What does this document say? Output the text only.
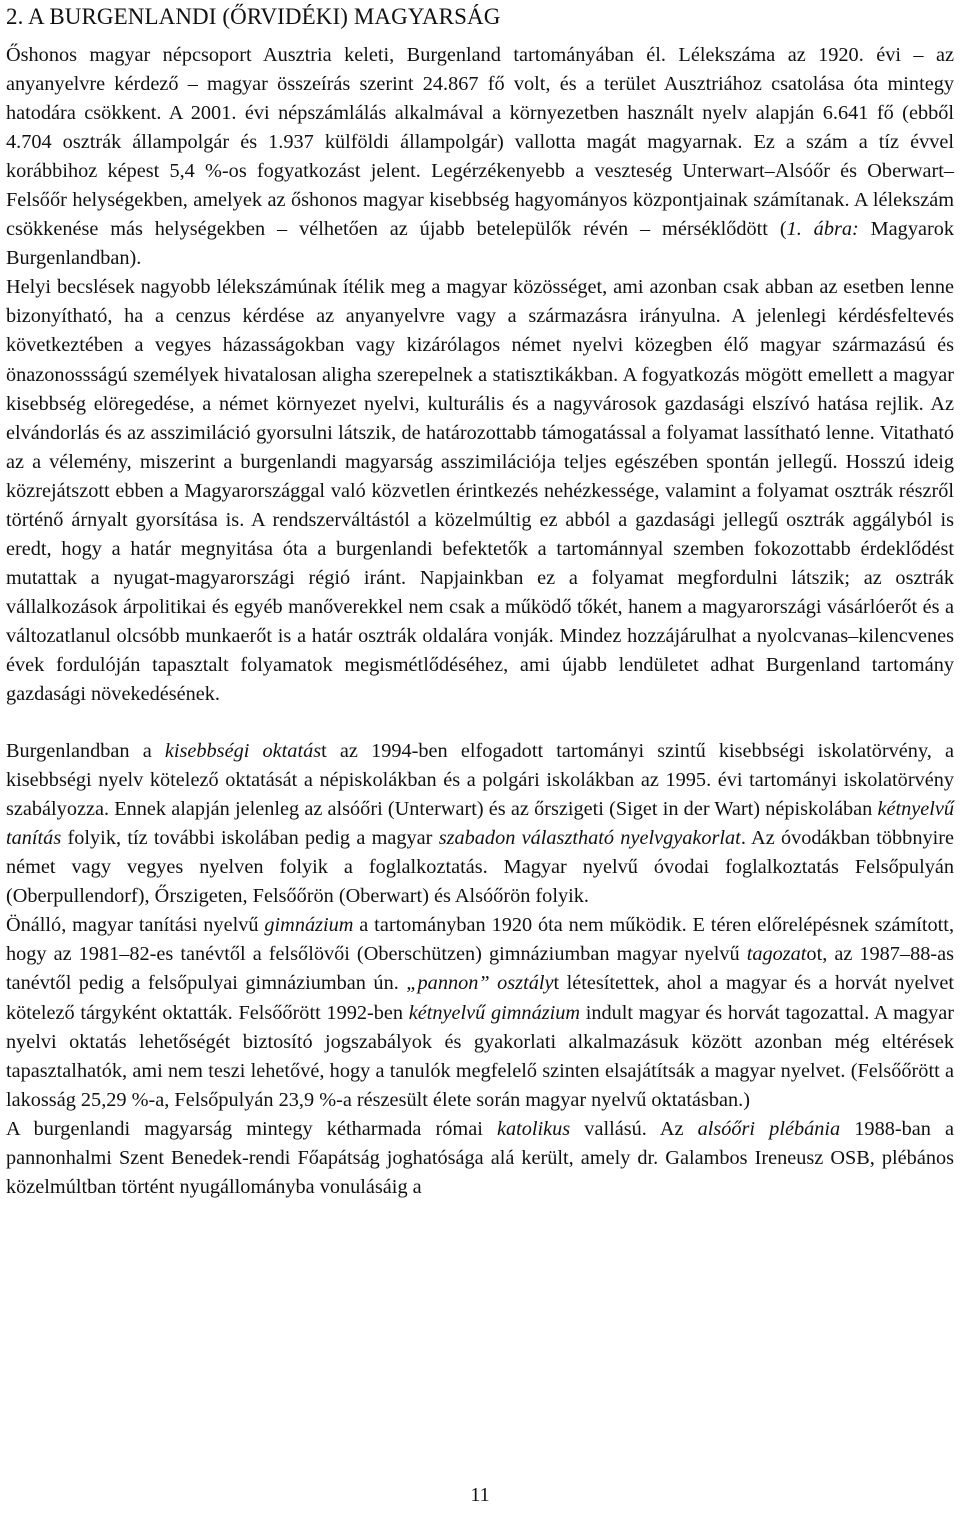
2. A BURGENLANDI (ŐRVIDÉKI) MAGYARSÁG

Őshonos magyar népcsoport Ausztria keleti, Burgenland tartományában él. Lélekszáma az 1920. évi – az anyanyelvre kérdező – magyar összeírás szerint 24.867 fő volt, és a terület Ausztriához csatolása óta mintegy hatodára csökkent. A 2001. évi népszámlálás alkalmával a környezetben használt nyelv alapján 6.641 fő (ebből 4.704 osztrák állampolgár és 1.937 külföldi állampolgár) vallotta magát magyarnak. Ez a szám a tíz évvel korábbihoz képest 5,4 %-os fogyatkozást jelent. Legérzékenyebb a veszteség Unterwart–Alsóőr és Oberwart–Felsőőr helységekben, amelyek az őshonos magyar kisebbség hagyományos központjainak számítanak. A lélekszám csökkenése más helységekben – vélhetően az újabb betelepülők révén – mérséklődött (1. ábra: Magyarok Burgenlandban).

Helyi becslések nagyobb lélekszámúnak ítélik meg a magyar közösséget, ami azonban csak abban az esetben lenne bizonyítható, ha a cenzus kérdése az anyanyelvre vagy a származásra irányulna. A jelenlegi kérdésfeltevés következtében a vegyes házasságokban vagy kizárólagos német nyelvi közegben élő magyar származású és önazonossságú személyek hivatalosan aligha szerepelnek a statisztikákban. A fogyatkozás mögött emellett a magyar kisebbség elöregedése, a német környezet nyelvi, kulturális és a nagyvárosok gazdasági elszívó hatása rejlik. Az elvándorlás és az asszimiláció gyorsulni látszik, de határozottabb támogatással a folyamat lassítható lenne. Vitatható az a vélemény, miszerint a burgenlandi magyarság asszimilációja teljes egészében spontán jellegű. Hosszú ideig közrejátszott ebben a Magyarországgal való közvetlen érintkezés nehézkessége, valamint a folyamat osztrák részről történő árnyalt gyorsítása is. A rendszerváltástól a közelmúltig ez abból a gazdasági jellegű osztrák aggályból is eredt, hogy a határ megnyitása óta a burgenlandi befektetők a tartománnyal szemben fokozottabb érdeklődést mutattak a nyugat-magyarországi régió iránt. Napjainkban ez a folyamat megfordulni látszik; az osztrák vállalkozások árpolitikai és egyéb manőverekkel nem csak a működő tőkét, hanem a magyarországi vásárlóerőt és a változatlanul olcsóbb munkaerőt is a határ osztrák oldalára vonják. Mindez hozzájárulhat a nyolcvanas–kilencvenes évek fordulóján tapasztalt folyamatok megismétlődéséhez, ami újabb lendületet adhat Burgenland tartomány gazdasági növekedésének.

Burgenlandban a kisebbségi oktatást az 1994-ben elfogadott tartományi szintű kisebbségi iskolatörvény, a kisebbségi nyelv kötelező oktatását a népiskolákban és a polgári iskolákban az 1995. évi tartományi iskolatörvény szabályozza. Ennek alapján jelenleg az alsóőri (Unterwart) és az őrszigeti (Siget in der Wart) népiskolában kétnyelvű tanítás folyik, tíz további iskolában pedig a magyar szabadon választható nyelvgyakorlat. Az óvodákban többnyire német vagy vegyes nyelven folyik a foglalkoztatás. Magyar nyelvű óvodai foglalkoztatás Felsőpulyán (Oberpullendorf), Őrszigeten, Felsőőrön (Oberwart) és Alsóőrön folyik.

Önálló, magyar tanítási nyelvű gimnázium a tartományban 1920 óta nem működik. E téren előrelépésnek számított, hogy az 1981–82-es tanévtől a felsőlövői (Oberschützen) gimnáziumban magyar nyelvű tagozatot, az 1987–88-as tanévtől pedig a felsőpulyai gimnáziumban ún. „pannon” osztályt létesítettek, ahol a magyar és a horvát nyelvet kötelező tárgyként oktatták. Felsőőrött 1992-ben kétnyelvű gimnázium indult magyar és horvát tagozattal. A magyar nyelvi oktatás lehetőségét biztosító jogszabályok és gyakorlati alkalmazásuk között azonban még eltérések tapasztalhatók, ami nem teszi lehetővé, hogy a tanulók megfelelő szinten elsajátítsák a magyar nyelvet. (Felsőőrött a lakosság 25,29 %-a, Felsőpulyán 23,9 %-a részesült élete során magyar nyelvű oktatásban.)

A burgenlandi magyarság mintegy kétharmada római katolikus vallású. Az alsóőri plébánia 1988-ban a pannonhalmi Szent Benedek-rendi Főapátság joghatósága alá került, amely dr. Galambos Ireneusz OSB, plébános közelmúltban történt nyugállományba vonulásáig a

11
